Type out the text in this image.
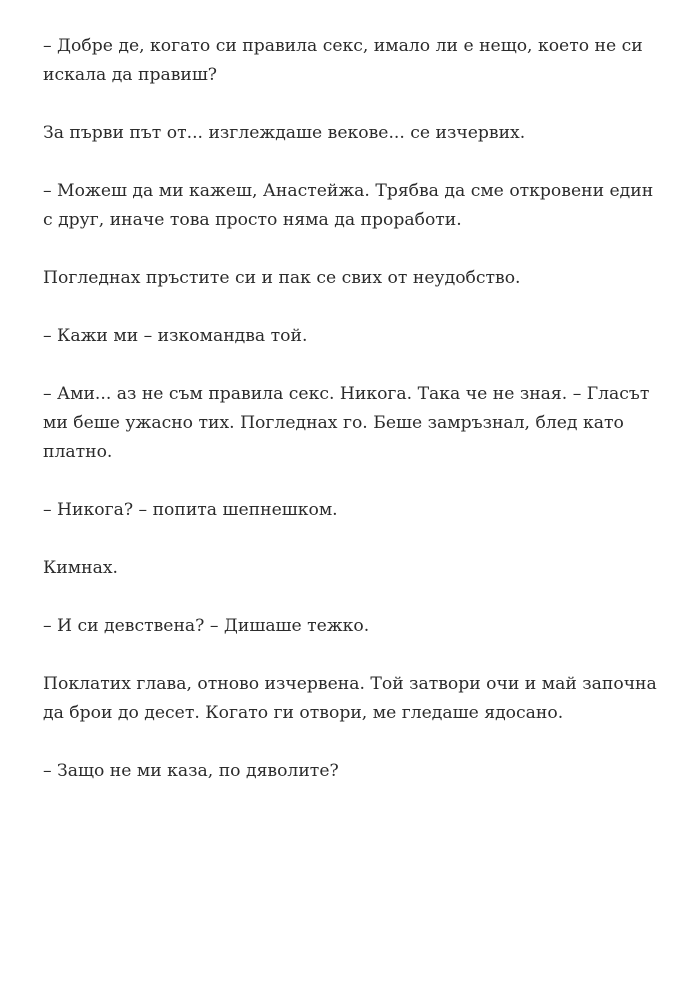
– Добре де, когато си правила секс, имало ли е нещо, което не си искала да правиш?

За първи път от... изглеждаше векове... се изчервих.

– Можеш да ми кажеш, Анастейжа. Трябва да сме откровени един с друг, иначе това просто няма да проработи.

Погледнах пръстите си и пак се свих от неудобство.

– Кажи ми – изкомандва той.

– Ами... аз не съм правила секс. Никога. Така че не зная. – Гласът ми беше ужасно тих. Погледнах го. Беше замръзнал, блед като платно.

– Никога? – попита шепнешком.

Кимнах.

– И си девствена? – Дишаше тежко.

Поклатих глава, отново изчервена. Той затвори очи и май започна да брои до десет. Когато ги отвори, ме гледаше ядосано.

– Защо не ми каза, по дяволите?
